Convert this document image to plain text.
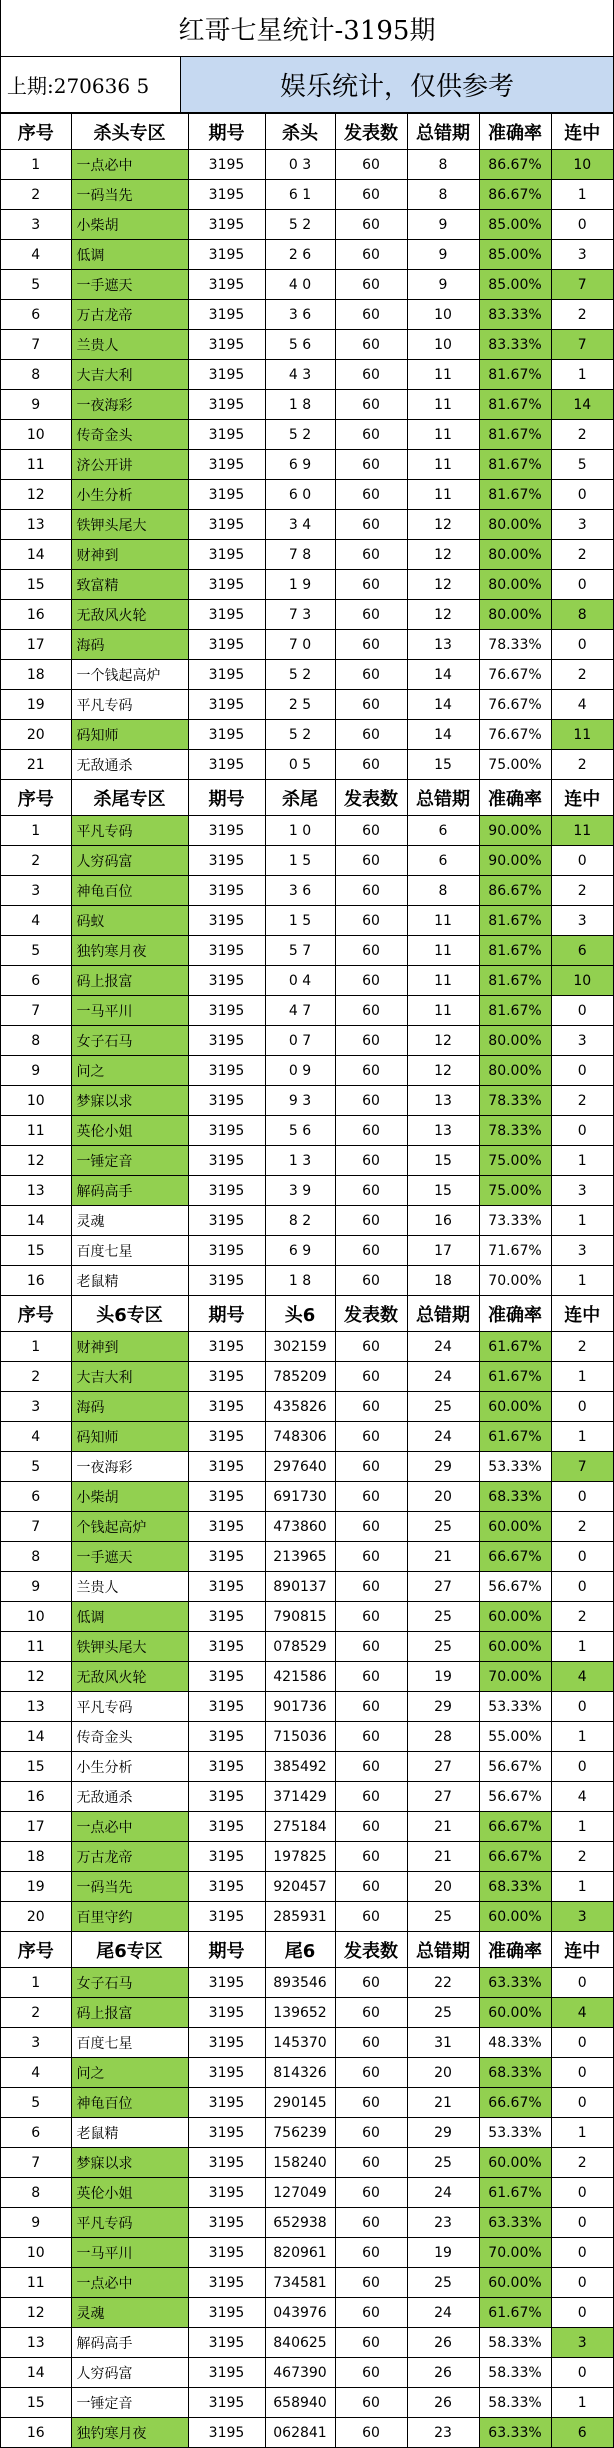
红哥七星统计-3195期
上期:270636 5	娱乐统计，仅供参考
序号	杀头专区	期号	杀头	发表数	总错期	准确率	连中
1	一点必中	3195	0 3	60	8	86.67%	10
2	一码当先	3195	6 1	60	8	86.67%	1
3	小柴胡	3195	5 2	60	9	85.00%	0
4	低调	3195	2 6	60	9	85.00%	3
5	一手遮天	3195	4 0	60	9	85.00%	7
6	万古龙帝	3195	3 6	60	10	83.33%	2
7	兰贵人	3195	5 6	60	10	83.33%	7
8	大吉大利	3195	4 3	60	11	81.67%	1
9	一夜海彩	3195	1 8	60	11	81.67%	14
10	传奇金头	3195	5 2	60	11	81.67%	2
11	济公开讲	3195	6 9	60	11	81.67%	5
12	小生分析	3195	6 0	60	11	81.67%	0
13	铁钾头尾大	3195	3 4	60	12	80.00%	3
14	财神到	3195	7 8	60	12	80.00%	2
15	致富精	3195	1 9	60	12	80.00%	0
16	无敌风火轮	3195	7 3	60	12	80.00%	8
17	海码	3195	7 0	60	13	78.33%	0
18	一个钱起高炉	3195	5 2	60	14	76.67%	2
19	平凡专码	3195	2 5	60	14	76.67%	4
20	码知师	3195	5 2	60	14	76.67%	11
21	无敌通杀	3195	0 5	60	15	75.00%	2
序号	杀尾专区	期号	杀尾	发表数	总错期	准确率	连中
1	平凡专码	3195	1 0	60	6	90.00%	11
2	人穷码富	3195	1 5	60	6	90.00%	0
3	神龟百位	3195	3 6	60	8	86.67%	2
4	码蚁	3195	1 5	60	11	81.67%	3
5	独钓寒月夜	3195	5 7	60	11	81.67%	6
6	码上报富	3195	0 4	60	11	81.67%	10
7	一马平川	3195	4 7	60	11	81.67%	0
8	女子石马	3195	0 7	60	12	80.00%	3
9	问之	3195	0 9	60	12	80.00%	0
10	梦寐以求	3195	9 3	60	13	78.33%	2
11	英伦小姐	3195	5 6	60	13	78.33%	0
12	一锤定音	3195	1 3	60	15	75.00%	1
13	解码高手	3195	3 9	60	15	75.00%	3
14	灵魂	3195	8 2	60	16	73.33%	1
15	百度七星	3195	6 9	60	17	71.67%	3
16	老鼠精	3195	1 8	60	18	70.00%	1
序号	头6专区	期号	头6	发表数	总错期	准确率	连中
1	财神到	3195	302159	60	24	61.67%	2
2	大吉大利	3195	785209	60	24	61.67%	1
3	海码	3195	435826	60	25	60.00%	0
4	码知师	3195	748306	60	24	61.67%	1
5	一夜海彩	3195	297640	60	29	53.33%	7
6	小柴胡	3195	691730	60	20	68.33%	0
7	个钱起高炉	3195	473860	60	25	60.00%	2
8	一手遮天	3195	213965	60	21	66.67%	0
9	兰贵人	3195	890137	60	27	56.67%	0
10	低调	3195	790815	60	25	60.00%	2
11	铁钾头尾大	3195	078529	60	25	60.00%	1
12	无敌风火轮	3195	421586	60	19	70.00%	4
13	平凡专码	3195	901736	60	29	53.33%	0
14	传奇金头	3195	715036	60	28	55.00%	1
15	小生分析	3195	385492	60	27	56.67%	0
16	无敌通杀	3195	371429	60	27	56.67%	4
17	一点必中	3195	275184	60	21	66.67%	1
18	万古龙帝	3195	197825	60	21	66.67%	2
19	一码当先	3195	920457	60	20	68.33%	1
20	百里守约	3195	285931	60	25	60.00%	3
序号	尾6专区	期号	尾6	发表数	总错期	准确率	连中
1	女子石马	3195	893546	60	22	63.33%	0
2	码上报富	3195	139652	60	25	60.00%	4
3	百度七星	3195	145370	60	31	48.33%	0
4	问之	3195	814326	60	20	68.33%	0
5	神龟百位	3195	290145	60	21	66.67%	0
6	老鼠精	3195	756239	60	29	53.33%	1
7	梦寐以求	3195	158240	60	25	60.00%	2
8	英伦小姐	3195	127049	60	24	61.67%	0
9	平凡专码	3195	652938	60	23	63.33%	0
10	一马平川	3195	820961	60	19	70.00%	0
11	一点必中	3195	734581	60	25	60.00%	0
12	灵魂	3195	043976	60	24	61.67%	0
13	解码高手	3195	840625	60	26	58.33%	3
14	人穷码富	3195	467390	60	26	58.33%	0
15	一锤定音	3195	658940	60	26	58.33%	1
16	独钓寒月夜	3195	062841	60	23	63.33%	6
